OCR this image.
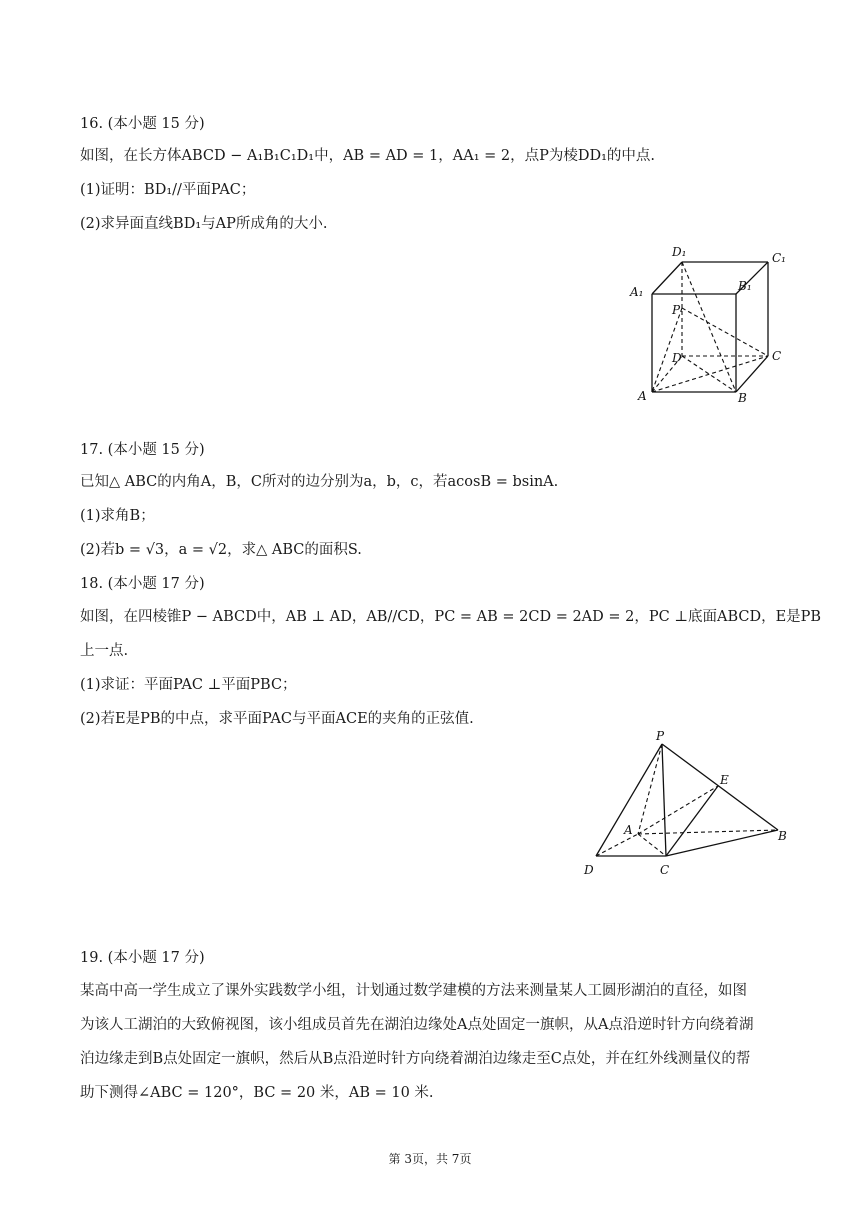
16. (本小题 15 分)
如图，在长方体ABCD − A₁B₁C₁D₁中，AB = AD = 1，AA₁ = 2，点P为棱DD₁的中点.
(1)证明：BD₁//平面PAC；
(2)求异面直线BD₁与AP所成角的大小.
D₁	C₁
A₁	B₁
P
D	C
A	B
17. (本小题 15 分)
已知△ ABC的内角A，B，C所对的边分别为a，b，c，若acosB = bsinA.
(1)求角B；
(2)若b = √3，a = √2，求△ ABC的面积S.
18. (本小题 17 分)
如图，在四棱锥P − ABCD中，AB ⊥ AD，AB//CD，PC = AB = 2CD = 2AD = 2，PC ⊥底面ABCD，E是PB
上一点.
(1)求证：平面PAC ⊥平面PBC；
(2)若E是PB的中点，求平面PAC与平面ACE的夹角的正弦值.
P
E
A	B
D	C
19. (本小题 17 分)
某高中高一学生成立了课外实践数学小组，计划通过数学建模的方法来测量某人工圆形湖泊的直径，如图
为该人工湖泊的大致俯视图，该小组成员首先在湖泊边缘处A点处固定一旗帜，从A点沿逆时针方向绕着湖
泊边缘走到B点处固定一旗帜，然后从B点沿逆时针方向绕着湖泊边缘走至C点处，并在红外线测量仪的帮
助下测得∠ABC = 120°，BC = 20 米，AB = 10 米.
第 3页，共 7页
